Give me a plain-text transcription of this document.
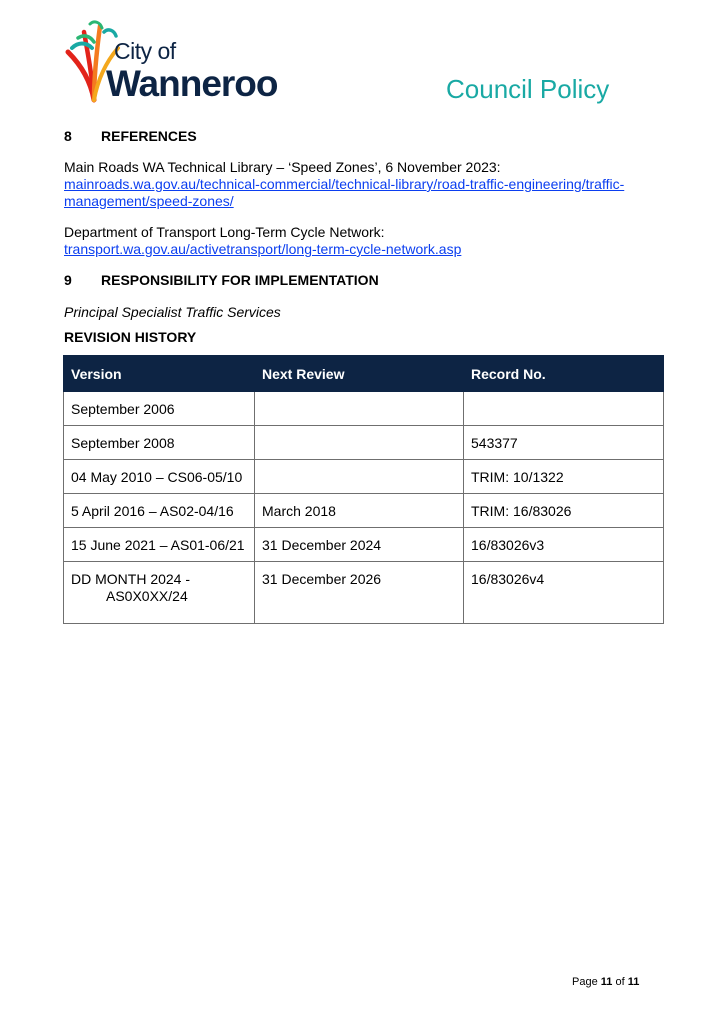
City of
Wanneroo	Council Policy
8 REFERENCES
Main Roads WA Technical Library – ‘Speed Zones’, 6 November 2023:
mainroads.wa.gov.au/technical-commercial/technical-library/road-traffic-engineering/traffic-
management/speed-zones/
Department of Transport Long-Term Cycle Network:
transport.wa.gov.au/activetransport/long-term-cycle-network.asp
9 RESPONSIBILITY FOR IMPLEMENTATION
Principal Specialist Traffic Services
REVISION HISTORY
Version	Next Review	Record No.
September 2006		
September 2008		543377
04 May 2010 – CS06-05/10		TRIM: 10/1322
5 April 2016 – AS02-04/16	March 2018	TRIM: 16/83026
15 June 2021 – AS01-06/21	31 December 2024	16/83026v3

DD MONTH 2024 -
AS0X0XX/24	31 December 2026	16/83026v4
Page 11 of 11
